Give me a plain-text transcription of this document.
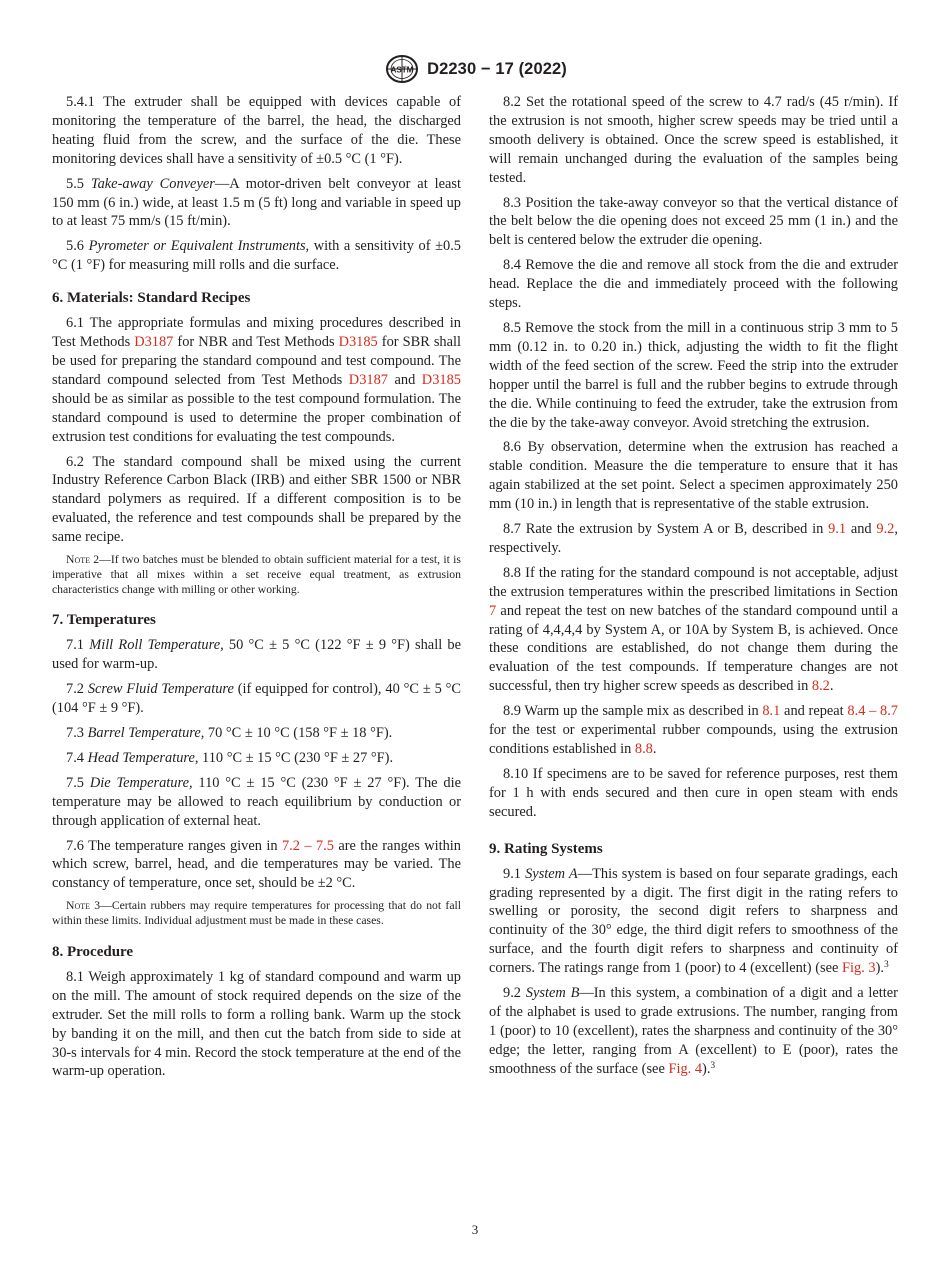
ASTM D2230 − 17 (2022)

5.4.1 The extruder shall be equipped with devices capable of monitoring the temperature of the barrel, the head, the discharged heating fluid from the screw, and the surface of the die. These monitoring devices shall have a sensitivity of ±0.5 °C (1 °F).

5.5 Take-away Conveyer—A motor-driven belt conveyor at least 150 mm (6 in.) wide, at least 1.5 m (5 ft) long and variable in speed up to at least 75 mm/s (15 ft/min).

5.6 Pyrometer or Equivalent Instruments, with a sensitivity of ±0.5 °C (1 °F) for measuring mill rolls and die surface.

6. Materials: Standard Recipes

6.1 The appropriate formulas and mixing procedures described in Test Methods D3187 for NBR and Test Methods D3185 for SBR shall be used for preparing the standard compound and test compound. The standard compound selected from Test Methods D3187 and D3185 should be as similar as possible to the test compound formulation. The standard compound is used to determine the proper combination of extrusion test conditions for evaluating the test compounds.

6.2 The standard compound shall be mixed using the current Industry Reference Carbon Black (IRB) and either SBR 1500 or NBR standard polymers as required. If a different composition is to be evaluated, the reference and test compounds shall be prepared by the same recipe.

Note 2—If two batches must be blended to obtain sufficient material for a test, it is imperative that all mixes within a set receive equal treatment, as extrusion characteristics change with milling or other working.

7. Temperatures

7.1 Mill Roll Temperature, 50 °C ± 5 °C (122 °F ± 9 °F) shall be used for warm-up.

7.2 Screw Fluid Temperature (if equipped for control), 40 °C ± 5 °C (104 °F ± 9 °F).

7.3 Barrel Temperature, 70 °C ± 10 °C (158 °F ± 18 °F).

7.4 Head Temperature, 110 °C ± 15 °C (230 °F ± 27 °F).

7.5 Die Temperature, 110 °C ± 15 °C (230 °F ± 27 °F). The die temperature may be allowed to reach equilibrium by conduction or through application of external heat.

7.6 The temperature ranges given in 7.2 – 7.5 are the ranges within which screw, barrel, head, and die temperatures may be varied. The constancy of temperature, once set, should be ±2 °C.

Note 3—Certain rubbers may require temperatures for processing that do not fall within these limits. Individual adjustment must be made in these cases.

8. Procedure

8.1 Weigh approximately 1 kg of standard compound and warm up on the mill. The amount of stock required depends on the size of the extruder. Set the mill rolls to form a rolling bank. Warm up the stock by banding it on the mill, and then cut the batch from side to side at 30-s intervals for 4 min. Record the stock temperature at the end of the warm-up operation.

8.2 Set the rotational speed of the screw to 4.7 rad/s (45 r/min). If the extrusion is not smooth, higher screw speeds may be tried until a smooth delivery is obtained. Once the screw speed is established, it will remain unchanged during the evaluation of the samples being tested.

8.3 Position the take-away conveyor so that the vertical distance of the belt below the die opening does not exceed 25 mm (1 in.) and the belt is centered below the extruder die opening.

8.4 Remove the die and remove all stock from the die and extruder head. Replace the die and immediately proceed with the following steps.

8.5 Remove the stock from the mill in a continuous strip 3 mm to 5 mm (0.12 in. to 0.20 in.) thick, adjusting the width to fit the flight width of the feed section of the screw. Feed the strip into the extruder hopper until the barrel is full and the rubber begins to extrude through the die. While continuing to feed the extruder, take the extrusion from the die by the take-away conveyor. Avoid stretching the extrusion.

8.6 By observation, determine when the extrusion has reached a stable condition. Measure the die temperature to ensure that it has again stabilized at the set point. Select a specimen approximately 250 mm (10 in.) in length that is representative of the stable extrusion.

8.7 Rate the extrusion by System A or B, described in 9.1 and 9.2, respectively.

8.8 If the rating for the standard compound is not acceptable, adjust the extrusion temperatures within the prescribed limitations in Section 7 and repeat the test on new batches of the standard compound until a rating of 4,4,4,4 by System A, or 10A by System B, is achieved. Once these conditions are established, do not change them during the evaluation of the test compounds. If temperature changes are not successful, then try higher screw speeds as described in 8.2.

8.9 Warm up the sample mix as described in 8.1 and repeat 8.4 – 8.7 for the test or experimental rubber compounds, using the extrusion conditions established in 8.8.

8.10 If specimens are to be saved for reference purposes, rest them for 1 h with ends secured and then cure in open steam with ends secured.

9. Rating Systems

9.1 System A—This system is based on four separate gradings, each grading represented by a digit. The first digit in the rating refers to swelling or porosity, the second digit refers to sharpness and continuity of the 30° edge, the third digit refers to smoothness of the surface, and the fourth digit refers to sharpness and continuity of corners. The ratings range from 1 (poor) to 4 (excellent) (see Fig. 3).$^3$

9.2 System B—In this system, a combination of a digit and a letter of the alphabet is used to grade extrusions. The number, ranging from 1 (poor) to 10 (excellent), rates the sharpness and continuity of the 30° edge; the letter, ranging from A (excellent) to E (poor), rates the smoothness of the surface (see Fig. 4).$^3$

3
